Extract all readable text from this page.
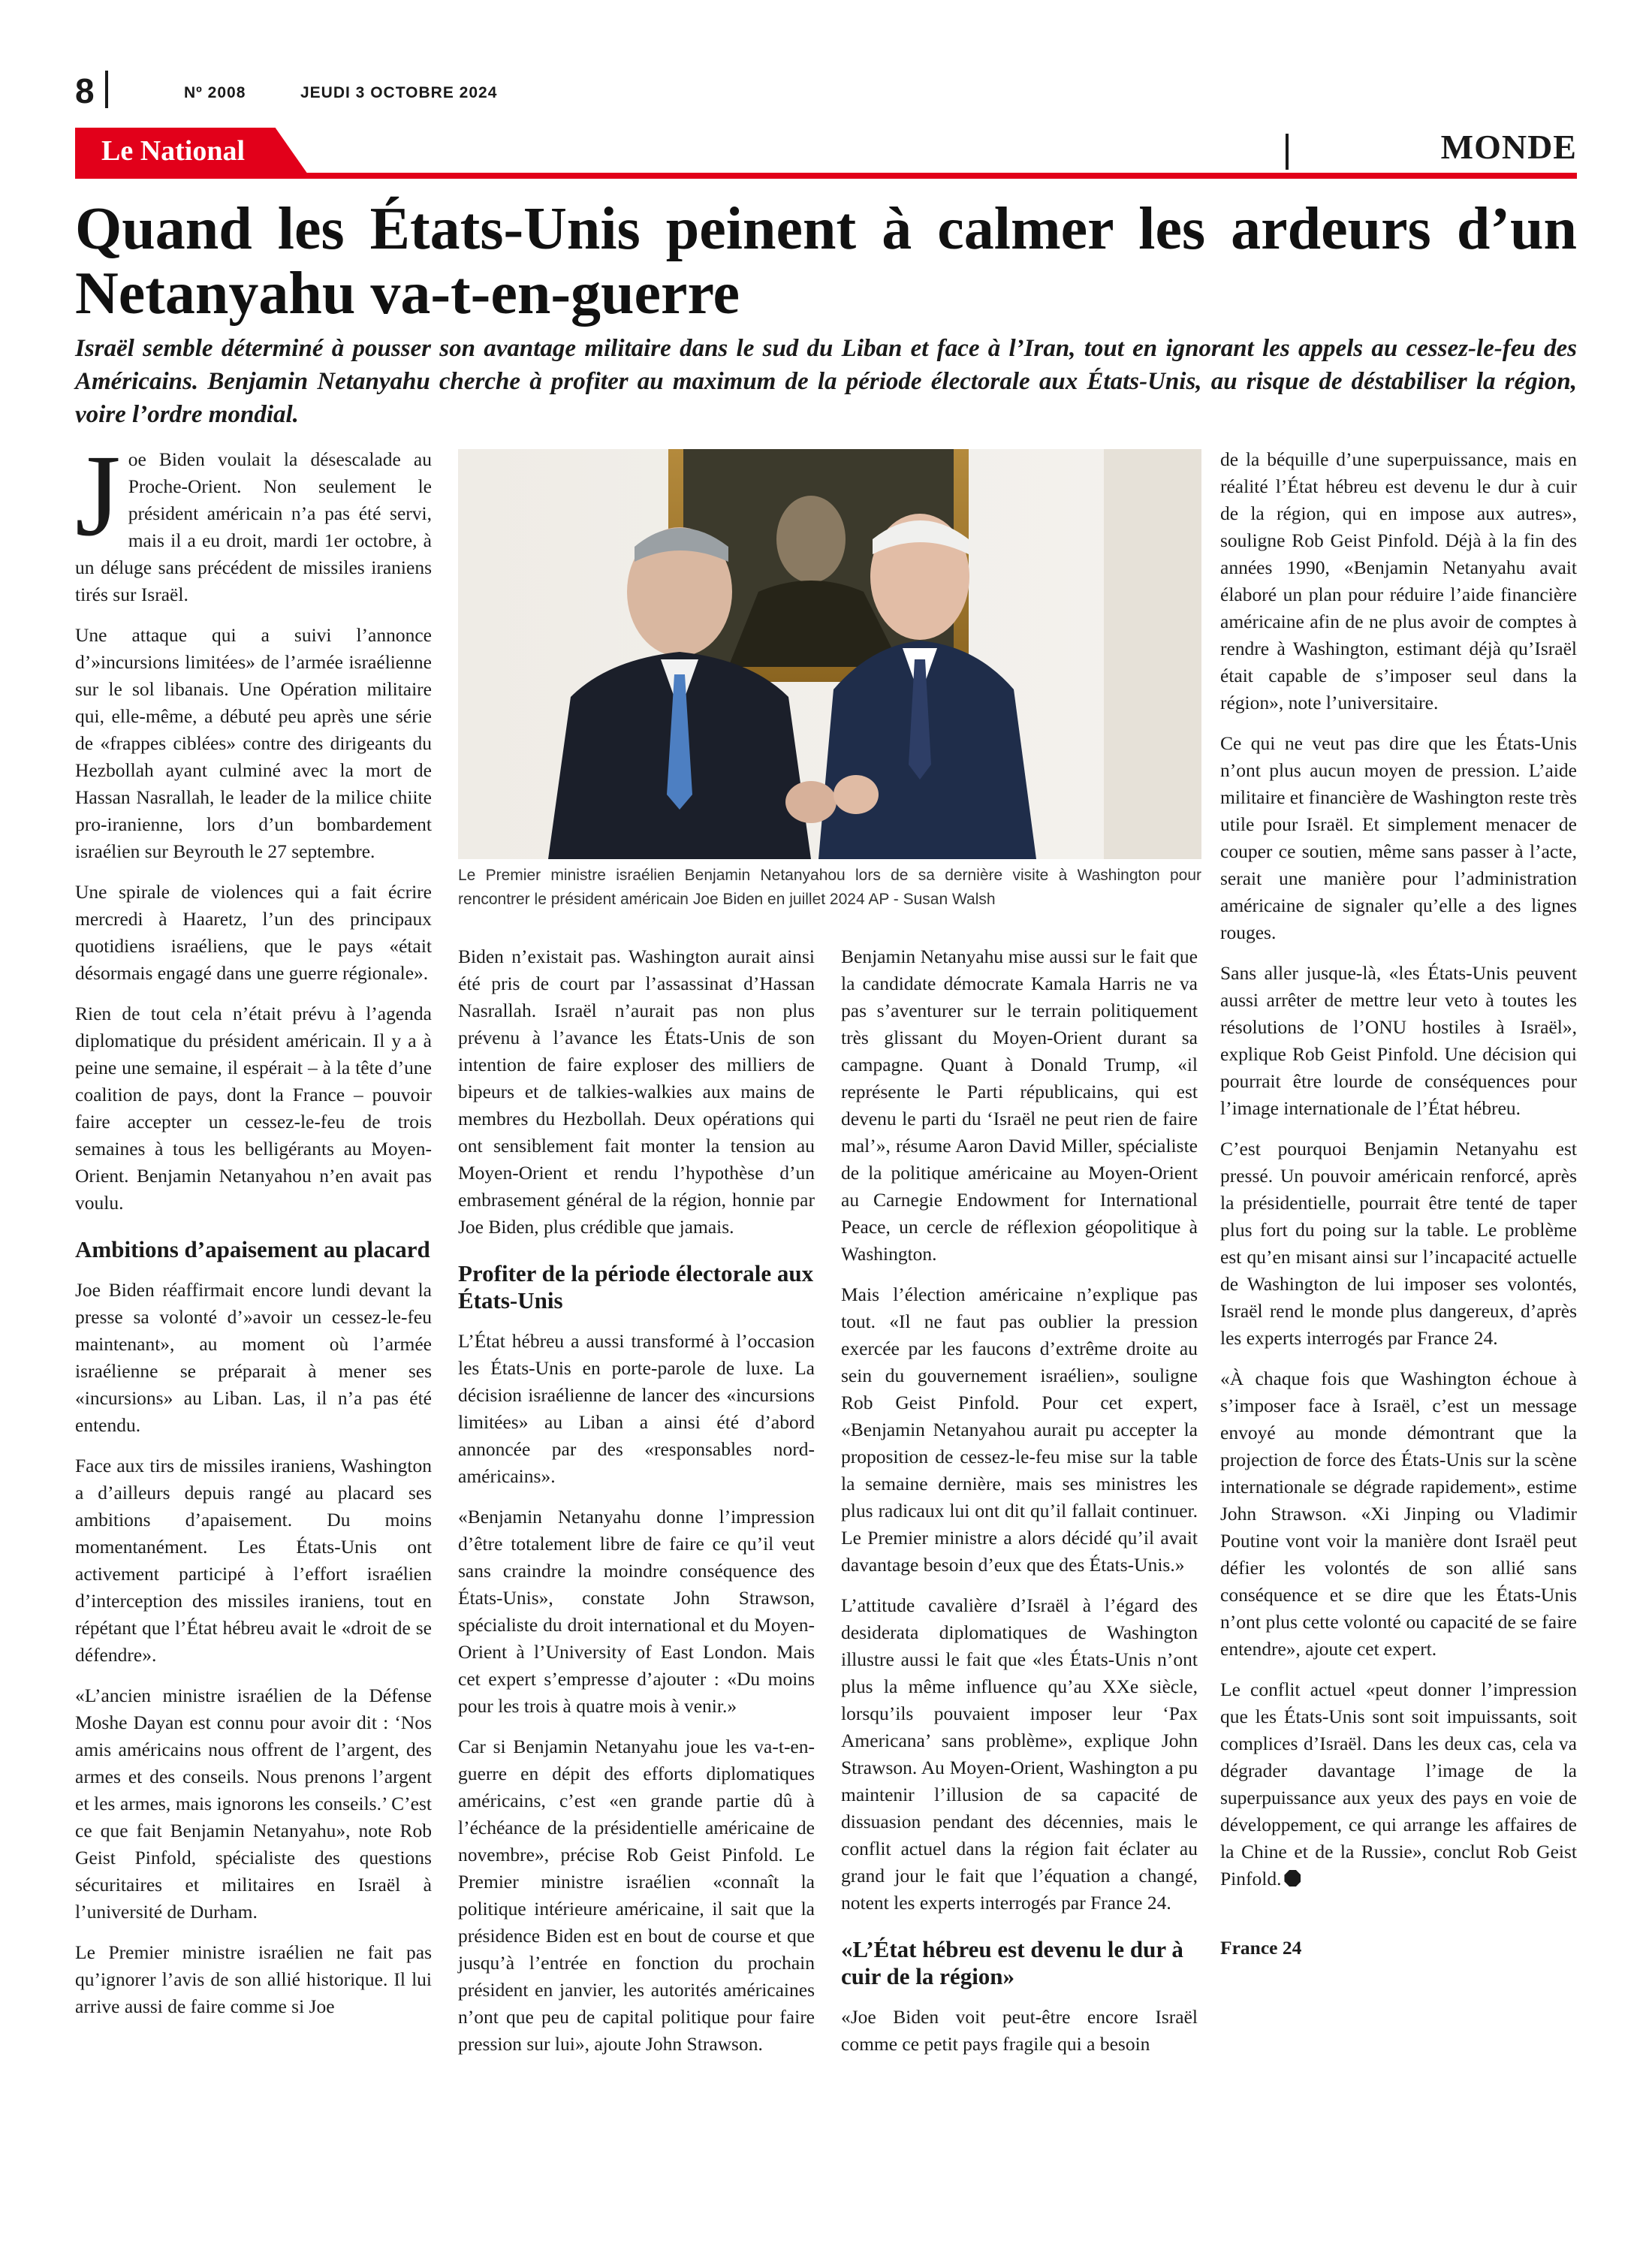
8	Nº 2008	JEUDI 3 OCTOBRE 2024
Le National	MONDE
Quand les États-Unis peinent à calmer les ardeurs d’un Netanyahu va-t-en-guerre
Israël semble déterminé à pousser son avantage militaire dans le sud du Liban et face à l’Iran, tout en ignorant les appels au cessez-le-feu des Américains. Benjamin Netanyahu cherche à profiter au maximum de la période électorale aux États-Unis, au risque de déstabiliser la région, voire l’ordre mondial.
Le Premier ministre israélien Benjamin Netanyahou lors de sa dernière visite à Washington pour rencontrer le président américain Joe Biden en juillet 2024 AP - Susan Walsh

Joe Biden voulait la désescalade au Proche-Orient. Non seulement le président américain n’a pas été servi, mais il a eu droit, mardi 1er octobre, à un déluge sans précédent de missiles iraniens tirés sur Israël.

Une attaque qui a suivi l’annonce d’»incursions limitées» de l’armée israélienne sur le sol libanais. Une Opération militaire qui, elle-même, a débuté peu après une série de «frappes ciblées» contre des dirigeants du Hezbollah ayant culminé avec la mort de Hassan Nasrallah, le leader de la milice chiite pro-iranienne, lors d’un bombardement israélien sur Beyrouth le 27 septembre.

Une spirale de violences qui a fait écrire mercredi à Haaretz, l’un des principaux quotidiens israéliens, que le pays «était désormais engagé dans une guerre régionale».

Rien de tout cela n’était prévu à l’agenda diplomatique du président américain. Il y a à peine une semaine, il espérait – à la tête d’une coalition de pays, dont la France – pouvoir faire accepter un cessez-le-feu de trois semaines à tous les belligérants au Moyen-Orient. Benjamin Netanyahou n’en avait pas voulu.

Ambitions d’apaisement au placard

Joe Biden réaffirmait encore lundi devant la presse sa volonté d’»avoir un cessez-le-feu maintenant», au moment où l’armée israélienne se préparait à mener ses «incursions» au Liban. Las, il n’a pas été entendu.

Face aux tirs de missiles iraniens, Washington a d’ailleurs depuis rangé au placard ses ambitions d’apaisement. Du moins momentanément. Les États-Unis ont activement participé à l’effort israélien d’interception des missiles iraniens, tout en répétant que l’État hébreu avait le «droit de se défendre».

«L’ancien ministre israélien de la Défense Moshe Dayan est connu pour avoir dit : ‘Nos amis américains nous offrent de l’argent, des armes et des conseils. Nous prenons l’argent et les armes, mais ignorons les conseils.’ C’est ce que fait Benjamin Netanyahu», note Rob Geist Pinfold, spécialiste des questions sécuritaires et militaires en Israël à l’université de Durham.

Le Premier ministre israélien ne fait pas qu’ignorer l’avis de son allié historique. Il lui arrive aussi de faire comme si Joe

Biden n’existait pas. Washington aurait ainsi été pris de court par l’assassinat d’Hassan Nasrallah. Israël n’aurait pas non plus prévenu à l’avance les États-Unis de son intention de faire exploser des milliers de bipeurs et de talkies-walkies aux mains de membres du Hezbollah. Deux opérations qui ont sensiblement fait monter la tension au Moyen-Orient et rendu l’hypothèse d’un embrasement général de la région, honnie par Joe Biden, plus crédible que jamais.

Profiter de la période électorale aux États-Unis

L’État hébreu a aussi transformé à l’occasion les États-Unis en porte-parole de luxe. La décision israélienne de lancer des «incursions limitées» au Liban a ainsi été d’abord annoncée par des «responsables nord-américains».

«Benjamin Netanyahu donne l’impression d’être totalement libre de faire ce qu’il veut sans craindre la moindre conséquence des États-Unis», constate John Strawson, spécialiste du droit international et du Moyen-Orient à l’University of East London. Mais cet expert s’empresse d’ajouter : «Du moins pour les trois à quatre mois à venir.»

Car si Benjamin Netanyahu joue les va-t-en-guerre en dépit des efforts diplomatiques américains, c’est «en grande partie dû à l’échéance de la présidentielle américaine de novembre», précise Rob Geist Pinfold. Le Premier ministre israélien «connaît la politique intérieure américaine, il sait que la présidence Biden est en bout de course et que jusqu’à l’entrée en fonction du prochain président en janvier, les autorités américaines n’ont que peu de capital politique pour faire pression sur lui», ajoute John Strawson.

Benjamin Netanyahu mise aussi sur le fait que la candidate démocrate Kamala Harris ne va pas s’aventurer sur le terrain politiquement très glissant du Moyen-Orient durant sa campagne. Quant à Donald Trump, «il représente le Parti républicains, qui est devenu le parti du ‘Israël ne peut rien de faire mal’», résume Aaron David Miller, spécialiste de la politique américaine au Moyen-Orient au Carnegie Endowment for International Peace, un cercle de réflexion géopolitique à Washington.

Mais l’élection américaine n’explique pas tout. «Il ne faut pas oublier la pression exercée par les faucons d’extrême droite au sein du gouvernement israélien», souligne Rob Geist Pinfold. Pour cet expert, «Benjamin Netanyahou aurait pu accepter la proposition de cessez-le-feu mise sur la table la semaine dernière, mais ses ministres les plus radicaux lui ont dit qu’il fallait continuer. Le Premier ministre a alors décidé qu’il avait davantage besoin d’eux que des États-Unis.»

L’attitude cavalière d’Israël à l’égard des desiderata diplomatiques de Washington illustre aussi le fait que «les États-Unis n’ont plus la même influence qu’au XXe siècle, lorsqu’ils pouvaient imposer leur ‘Pax Americana’ sans problème», explique John Strawson. Au Moyen-Orient, Washington a pu maintenir l’illusion de sa capacité de dissuasion pendant des décennies, mais le conflit actuel dans la région fait éclater au grand jour le fait que l’équation a changé, notent les experts interrogés par France 24.

«L’État hébreu est devenu le dur à cuir de la région»

«Joe Biden voit peut-être encore Israël comme ce petit pays fragile qui a besoin

de la béquille d’une superpuissance, mais en réalité l’État hébreu est devenu le dur à cuir de la région, qui en impose aux autres», souligne Rob Geist Pinfold. Déjà à la fin des années 1990, «Benjamin Netanyahu avait élaboré un plan pour réduire l’aide financière américaine afin de ne plus avoir de comptes à rendre à Washington, estimant déjà qu’Israël était capable de s’imposer seul dans la région», note l’universitaire.

Ce qui ne veut pas dire que les États-Unis n’ont plus aucun moyen de pression. L’aide militaire et financière de Washington reste très utile pour Israël. Et simplement menacer de couper ce soutien, même sans passer à l’acte, serait une manière pour l’administration américaine de signaler qu’elle a des lignes rouges.

Sans aller jusque-là, «les États-Unis peuvent aussi arrêter de mettre leur veto à toutes les résolutions de l’ONU hostiles à Israël», explique Rob Geist Pinfold. Une décision qui pourrait être lourde de conséquences pour l’image internationale de l’État hébreu.

C’est pourquoi Benjamin Netanyahu est pressé. Un pouvoir américain renforcé, après la présidentielle, pourrait être tenté de taper plus fort du poing sur la table. Le problème est qu’en misant ainsi sur l’incapacité actuelle de Washington de lui imposer ses volontés, Israël rend le monde plus dangereux, d’après les experts interrogés par France 24.

«À chaque fois que Washington échoue à s’imposer face à Israël, c’est un message envoyé au monde démontrant que la projection de force des États-Unis sur la scène internationale se dégrade rapidement», estime John Strawson. «Xi Jinping ou Vladimir Poutine vont voir la manière dont Israël peut défier les volontés de son allié sans conséquence et se dire que les États-Unis n’ont plus cette volonté ou capacité de se faire entendre», ajoute cet expert.

Le conflit actuel «peut donner l’impression que les États-Unis sont soit impuissants, soit complices d’Israël. Dans les deux cas, cela va dégrader davantage l’image de la superpuissance aux yeux des pays en voie de développement, ce qui arrange les affaires de la Chine et de la Russie», conclut Rob Geist Pinfold.

France 24
